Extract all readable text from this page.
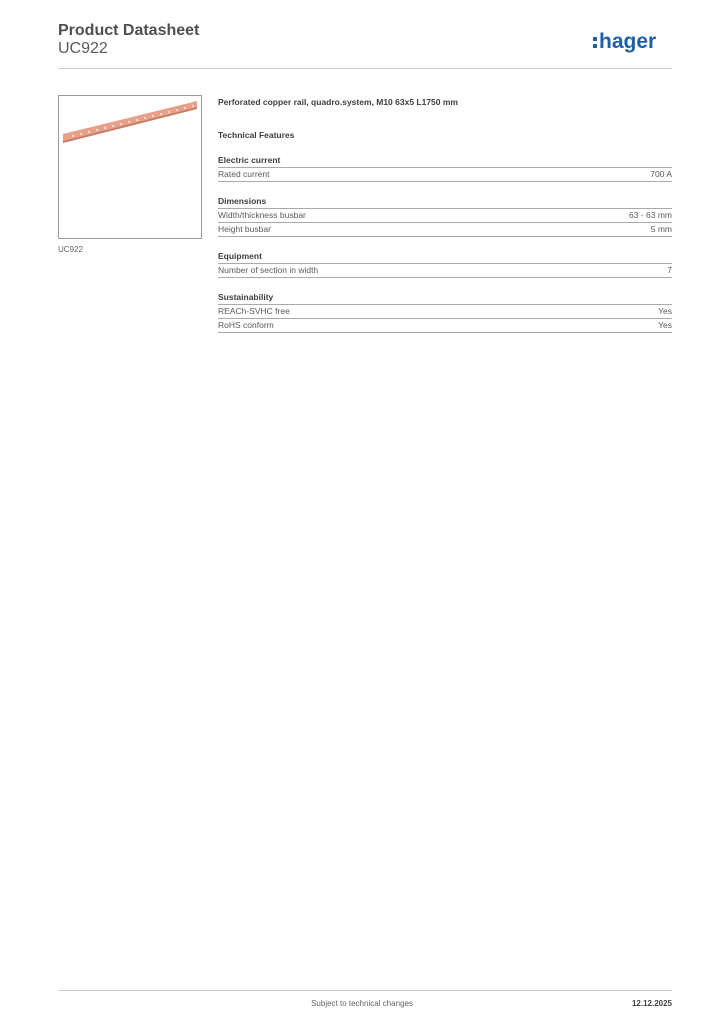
Product Datasheet
UC922	hager
UC922
Perforated copper rail, quadro.system, M10 63x5 L1750 mm
Technical Features
Electric current
Rated current	700 A
Dimensions
Width/thickness busbar	63 - 63 mm
Height busbar	5 mm
Equipment
Number of section in width	7
Sustainability
REACh-SVHC free	Yes
RoHS conform	Yes
Subject to technical changes	12.12.2025
